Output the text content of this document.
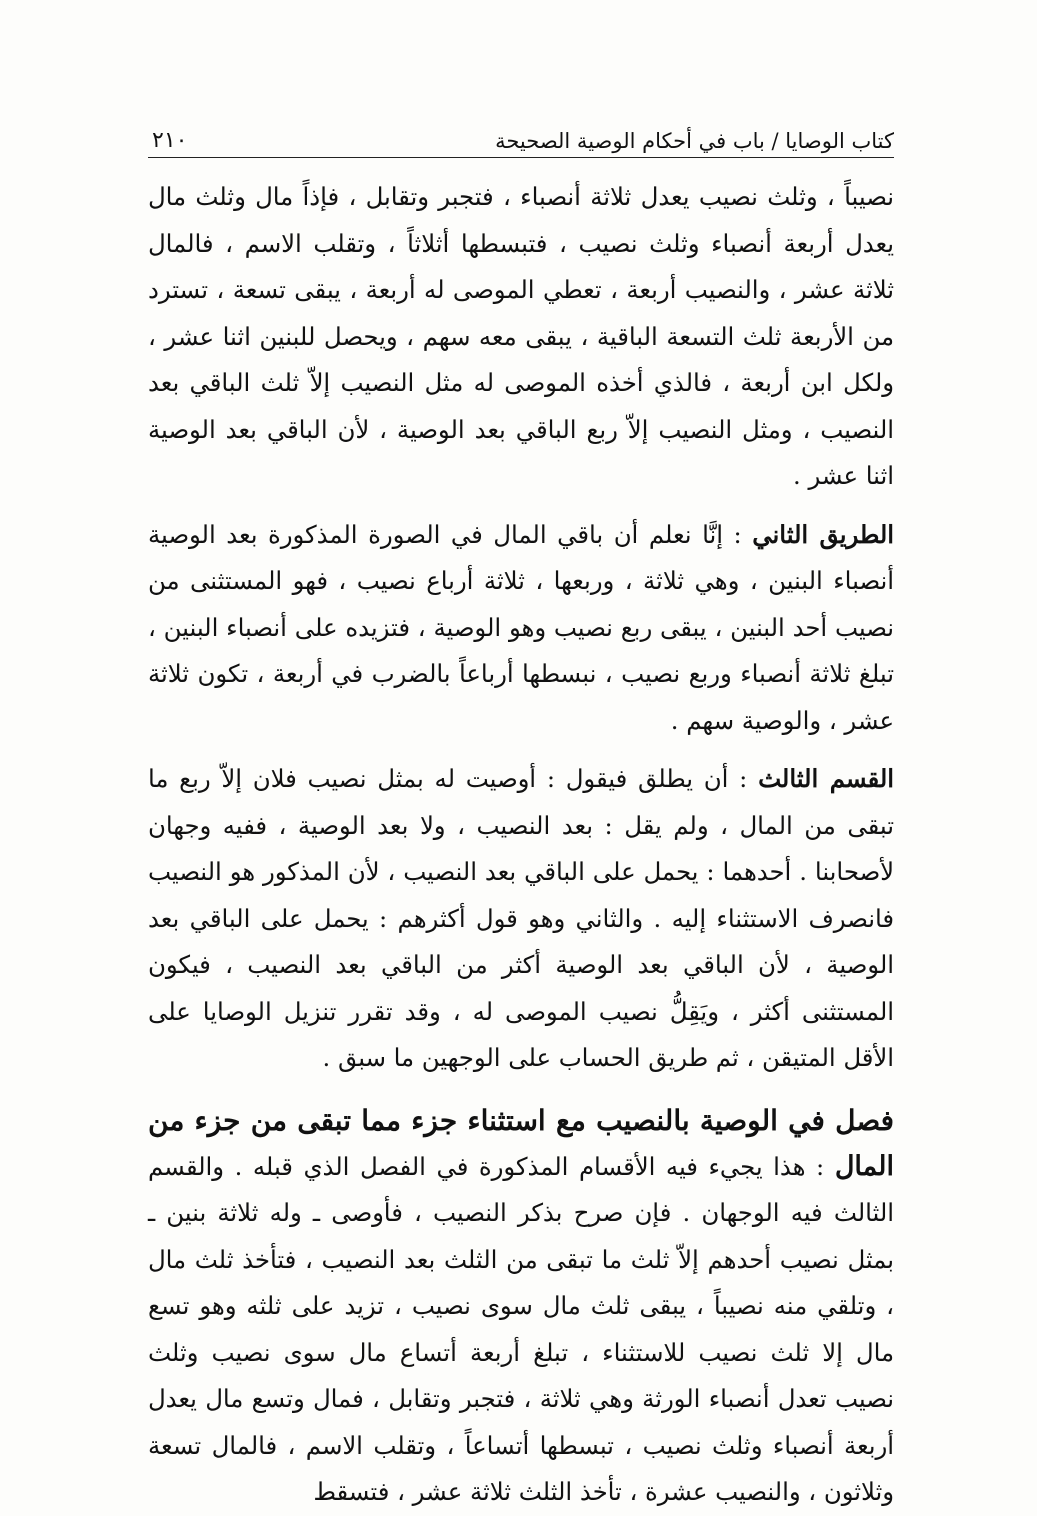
كتاب الوصايا / باب في أحكام الوصية الصحيحة
٢١٠

نصيباً ، وثلث نصيب يعدل ثلاثة أنصباء ، فتجبر وتقابل ، فإذاً مال وثلث مال يعدل أربعة أنصباء وثلث نصيب ، فتبسطها أثلاثاً ، وتقلب الاسم ، فالمال ثلاثة عشر ، والنصيب أربعة ، تعطي الموصى له أربعة ، يبقى تسعة ، تسترد من الأربعة ثلث التسعة الباقية ، يبقى معه سهم ، ويحصل للبنين اثنا عشر ، ولكل ابن أربعة ، فالذي أخذه الموصى له مثل النصيب إلاّ ثلث الباقي بعد النصيب ، ومثل النصيب إلاّ ربع الباقي بعد الوصية ، لأن الباقي بعد الوصية اثنا عشر .

الطريق الثاني : إنَّا نعلم أن باقي المال في الصورة المذكورة بعد الوصية أنصباء البنين ، وهي ثلاثة ، وربعها ، ثلاثة أرباع نصيب ، فهو المستثنى من نصيب أحد البنين ، يبقى ربع نصيب وهو الوصية ، فتزيده على أنصباء البنين ، تبلغ ثلاثة أنصباء وربع نصيب ، نبسطها أرباعاً بالضرب في أربعة ، تكون ثلاثة عشر ، والوصية سهم .

القسم الثالث : أن يطلق فيقول : أوصيت له بمثل نصيب فلان إلاّ ربع ما تبقى من المال ، ولم يقل : بعد النصيب ، ولا بعد الوصية ، ففيه وجهان لأصحابنا . أحدهما : يحمل على الباقي بعد النصيب ، لأن المذكور هو النصيب فانصرف الاستثناء إليه . والثاني وهو قول أكثرهم : يحمل على الباقي بعد الوصية ، لأن الباقي بعد الوصية أكثر من الباقي بعد النصيب ، فيكون المستثنى أكثر ، ويَقِلُّ نصيب الموصى له ، وقد تقرر تنزيل الوصايا على الأقل المتيقن ، ثم طريق الحساب على الوجهين ما سبق .

فصل في الوصية بالنصيب مع استثناء جزء مما تبقى من جزء من

المال : هذا يجيء فيه الأقسام المذكورة في الفصل الذي قبله . والقسم الثالث فيه الوجهان . فإن صرح بذكر النصيب ، فأوصى ـ وله ثلاثة بنين ـ بمثل نصيب أحدهم إلاّ ثلث ما تبقى من الثلث بعد النصيب ، فتأخذ ثلث مال ، وتلقي منه نصيباً ، يبقى ثلث مال سوى نصيب ، تزيد على ثلثه وهو تسع مال إلا ثلث نصيب للاستثناء ، تبلغ أربعة أتساع مال سوى نصيب وثلث نصيب تعدل أنصباء الورثة وهي ثلاثة ، فتجبر وتقابل ، فمال وتسع مال يعدل أربعة أنصباء وثلث نصيب ، تبسطها أتساعاً ، وتقلب الاسم ، فالمال تسعة وثلاثون ، والنصيب عشرة ، تأخذ الثلث ثلاثة عشر ، فتسقط
